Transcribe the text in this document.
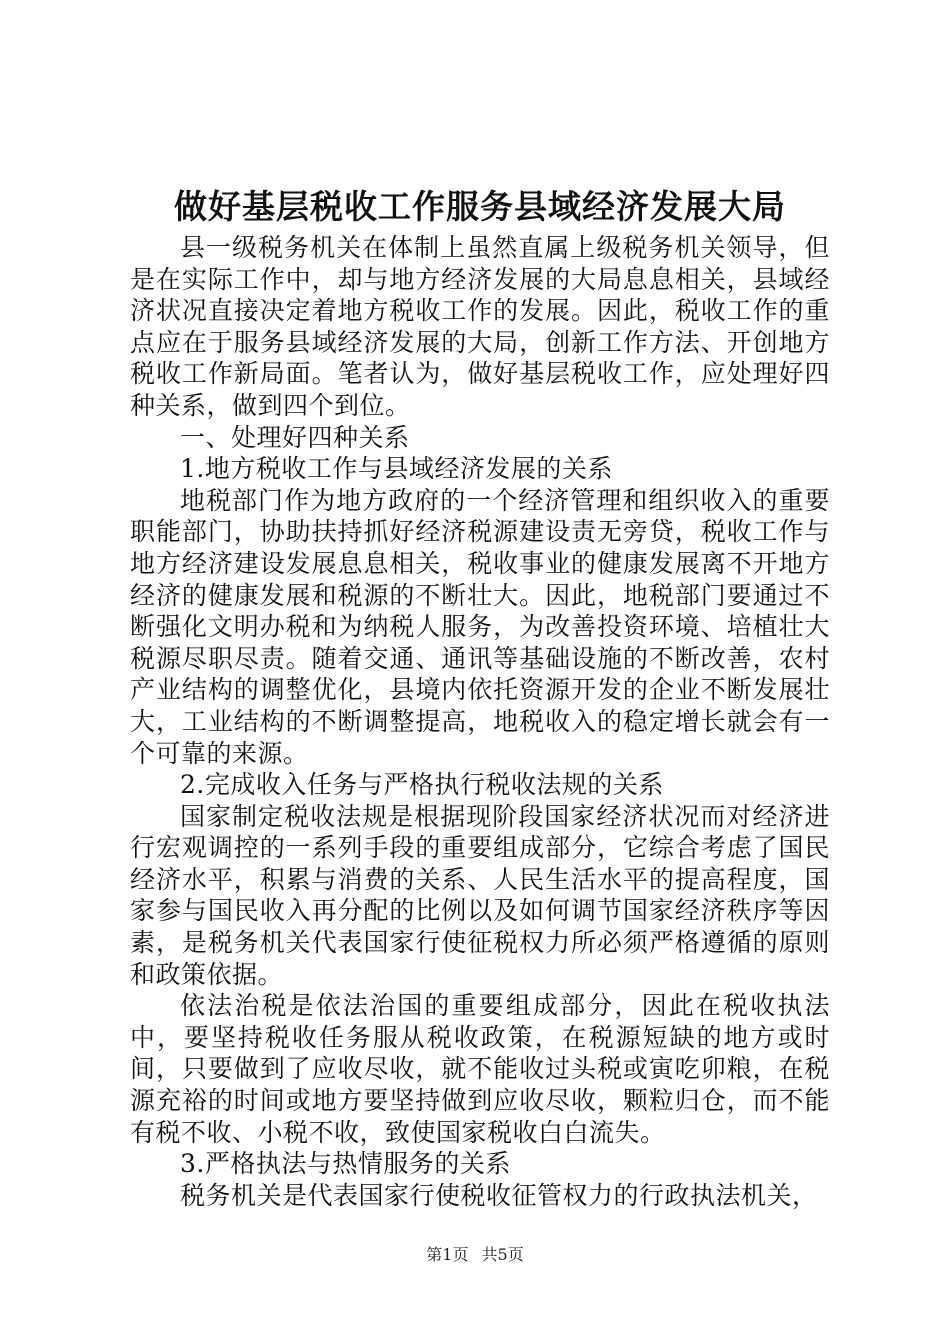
做好基层税收工作服务县域经济发展大局

县一级税务机关在体制上虽然直属上级税务机关领导，但是在实际工作中，却与地方经济发展的大局息息相关，县域经济状况直接决定着地方税收工作的发展。因此，税收工作的重点应在于服务县域经济发展的大局，创新工作方法、开创地方税收工作新局面。笔者认为，做好基层税收工作，应处理好四种关系，做到四个到位。

一、处理好四种关系

1.地方税收工作与县域经济发展的关系

地税部门作为地方政府的一个经济管理和组织收入的重要职能部门，协助扶持抓好经济税源建设责无旁贷，税收工作与地方经济建设发展息息相关，税收事业的健康发展离不开地方经济的健康发展和税源的不断壮大。因此，地税部门要通过不断强化文明办税和为纳税人服务，为改善投资环境、培植壮大税源尽职尽责。随着交通、通讯等基础设施的不断改善，农村产业结构的调整优化，县境内依托资源开发的企业不断发展壮大，工业结构的不断调整提高，地税收入的稳定增长就会有一个可靠的来源。

2.完成收入任务与严格执行税收法规的关系

国家制定税收法规是根据现阶段国家经济状况而对经济进行宏观调控的一系列手段的重要组成部分，它综合考虑了国民经济水平，积累与消费的关系、人民生活水平的提高程度，国家参与国民收入再分配的比例以及如何调节国家经济秩序等因素，是税务机关代表国家行使征税权力所必须严格遵循的原则和政策依据。

依法治税是依法治国的重要组成部分，因此在税收执法中，要坚持税收任务服从税收政策，在税源短缺的地方或时间，只要做到了应收尽收，就不能收过头税或寅吃卯粮，在税源充裕的时间或地方要坚持做到应收尽收，颗粒归仓，而不能有税不收、小税不收，致使国家税收白白流失。

3.严格执法与热情服务的关系

税务机关是代表国家行使税收征管权力的行政执法机关，

第1页 共5页
